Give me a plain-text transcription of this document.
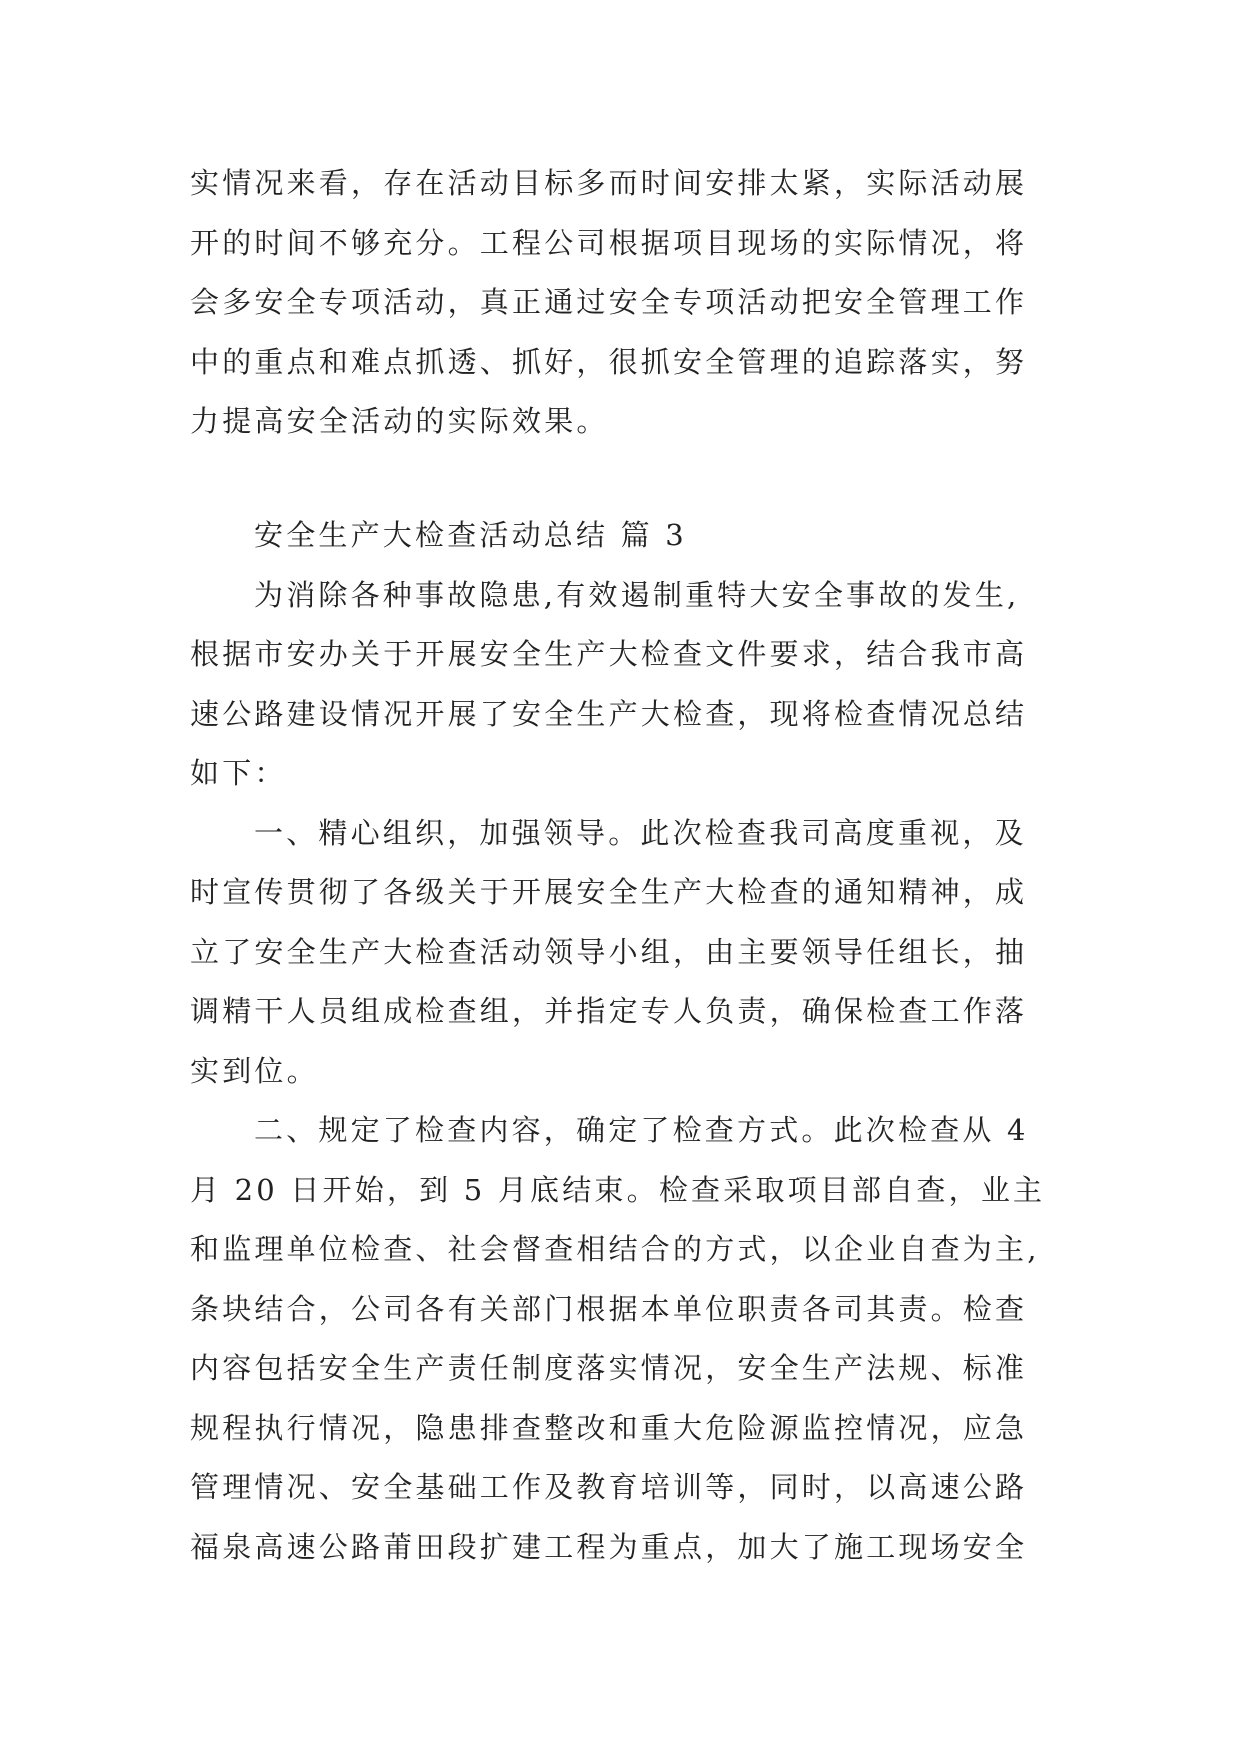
实情况来看，存在活动目标多而时间安排太紧，实际活动展
开的时间不够充分。工程公司根据项目现场的实际情况，将
会多安全专项活动，真正通过安全专项活动把安全管理工作
中的重点和难点抓透、抓好，很抓安全管理的追踪落实，努
力提高安全活动的实际效果。
安全生产大检查活动总结 篇 3
为消除各种事故隐患,有效遏制重特大安全事故的发生,
根据市安办关于开展安全生产大检查文件要求，结合我市高
速公路建设情况开展了安全生产大检查，现将检查情况总结
如下：
一、精心组织，加强领导。此次检查我司高度重视，及
时宣传贯彻了各级关于开展安全生产大检查的通知精神，成
立了安全生产大检查活动领导小组，由主要领导任组长，抽
调精干人员组成检查组，并指定专人负责，确保检查工作落
实到位。
二、规定了检查内容，确定了检查方式。此次检查从 4
月 20 日开始，到 5 月底结束。检查采取项目部自查，业主
和监理单位检查、社会督查相结合的方式，以企业自查为主,
条块结合，公司各有关部门根据本单位职责各司其责。检查
内容包括安全生产责任制度落实情况，安全生产法规、标准
规程执行情况，隐患排查整改和重大危险源监控情况，应急
管理情况、安全基础工作及教育培训等，同时，以高速公路
福泉高速公路莆田段扩建工程为重点，加大了施工现场安全
